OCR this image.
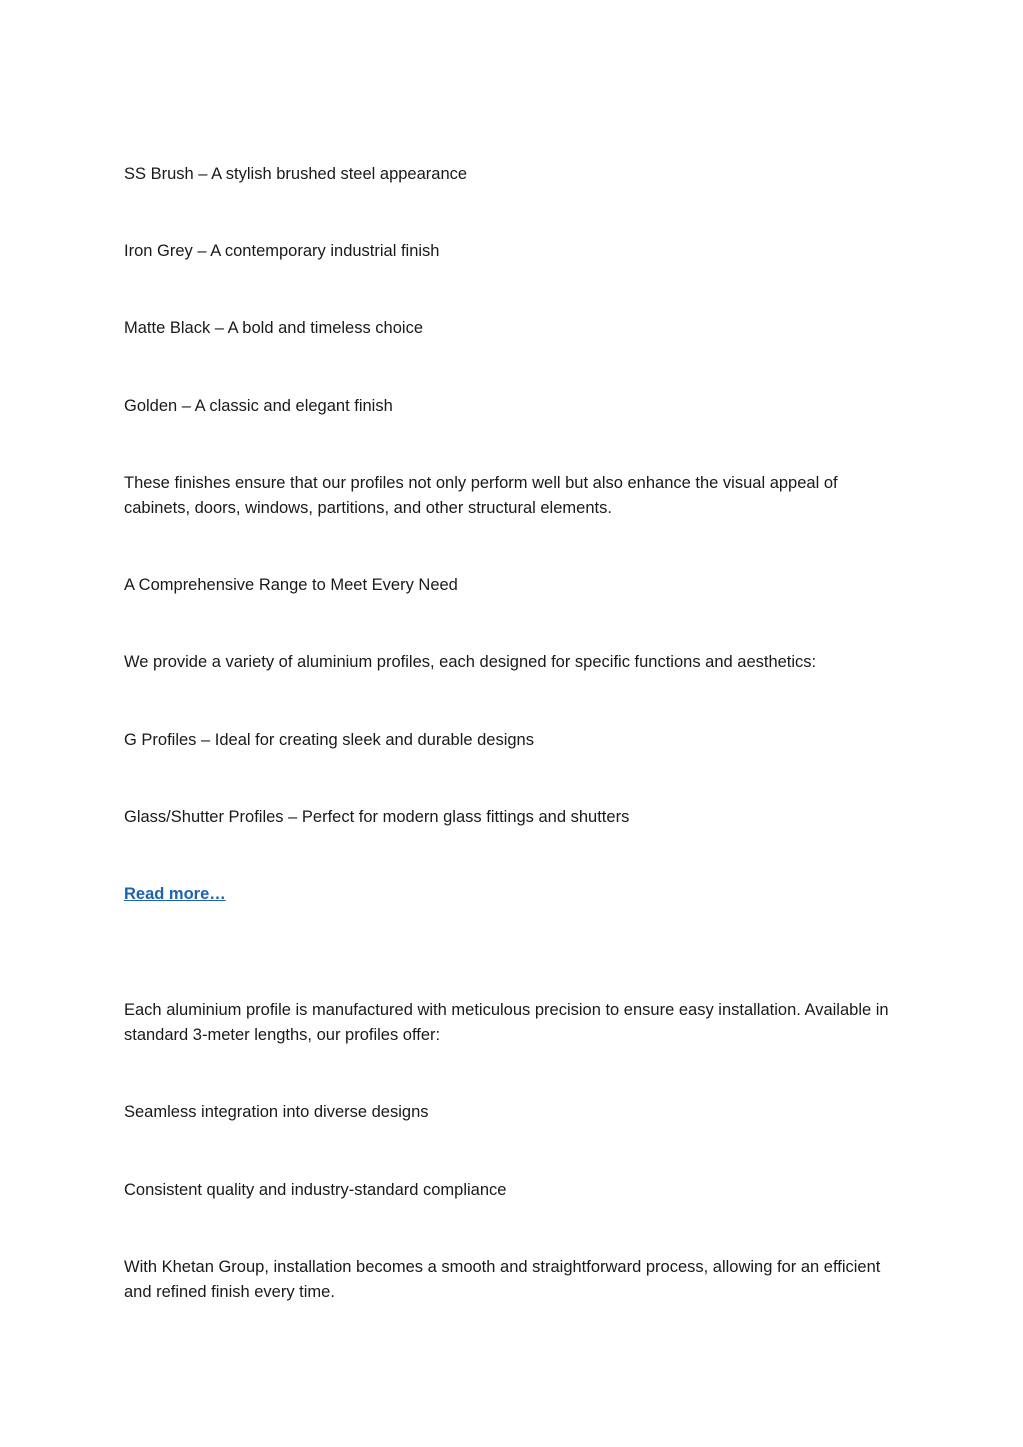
SS Brush – A stylish brushed steel appearance

Iron Grey – A contemporary industrial finish

Matte Black – A bold and timeless choice

Golden – A classic and elegant finish

These finishes ensure that our profiles not only perform well but also enhance the visual appeal of cabinets, doors, windows, partitions, and other structural elements.

A Comprehensive Range to Meet Every Need

We provide a variety of aluminium profiles, each designed for specific functions and aesthetics:

G Profiles – Ideal for creating sleek and durable designs

Glass/Shutter Profiles – Perfect for modern glass fittings and shutters

Read more…

Each aluminium profile is manufactured with meticulous precision to ensure easy installation. Available in standard 3-meter lengths, our profiles offer:

Seamless integration into diverse designs

Consistent quality and industry-standard compliance

With Khetan Group, installation becomes a smooth and straightforward process, allowing for an efficient and refined finish every time.
